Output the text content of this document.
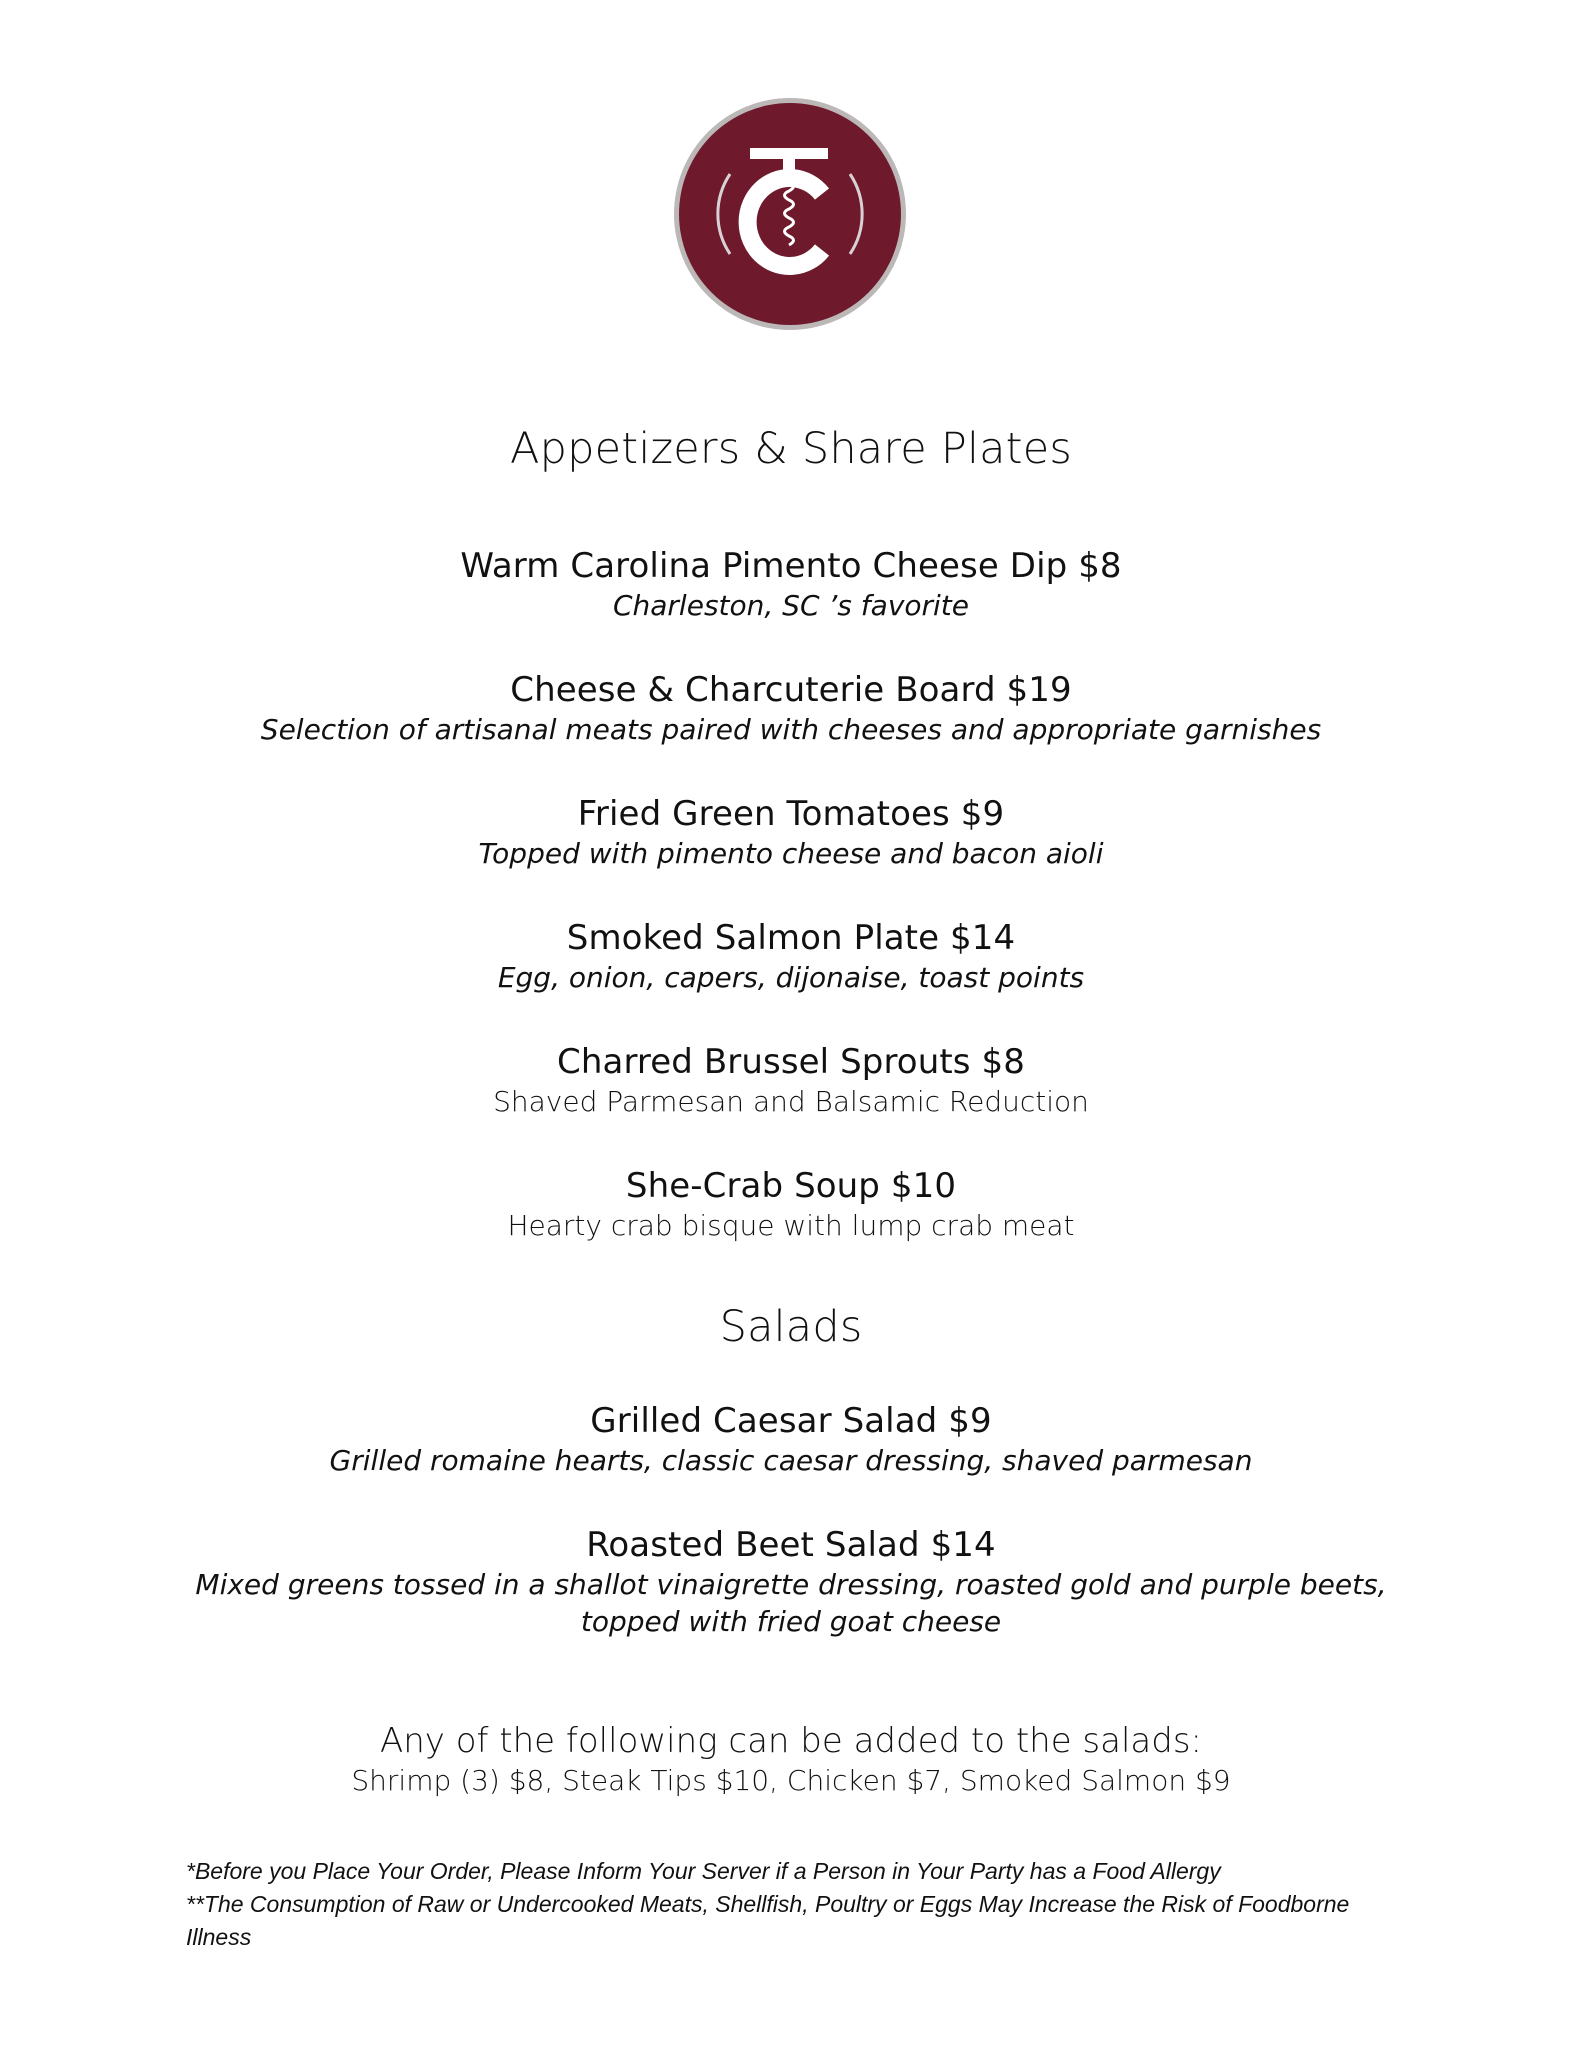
Appetizers & Share Plates
Warm Carolina Pimento Cheese Dip $8
Charleston, SC ’s favorite
Cheese & Charcuterie Board $19
Selection of artisanal meats paired with cheeses and appropriate garnishes
Fried Green Tomatoes $9
Topped with pimento cheese and bacon aioli
Smoked Salmon Plate $14
Egg, onion, capers, dijonaise, toast points
Charred Brussel Sprouts $8
Shaved Parmesan and Balsamic Reduction
She-Crab Soup $10
Hearty crab bisque with lump crab meat
Salads
Grilled Caesar Salad $9
Grilled romaine hearts, classic caesar dressing, shaved parmesan
Roasted Beet Salad $14
Mixed greens tossed in a shallot vinaigrette dressing, roasted gold and purple beets,
topped with fried goat cheese
Any of the following can be added to the salads:
Shrimp (3) $8, Steak Tips $10, Chicken $7, Smoked Salmon $9
*Before you Place Your Order, Please Inform Your Server if a Person in Your Party has a Food Allergy
**The Consumption of Raw or Undercooked Meats, Shellfish, Poultry or Eggs May Increase the Risk of Foodborne
Illness
